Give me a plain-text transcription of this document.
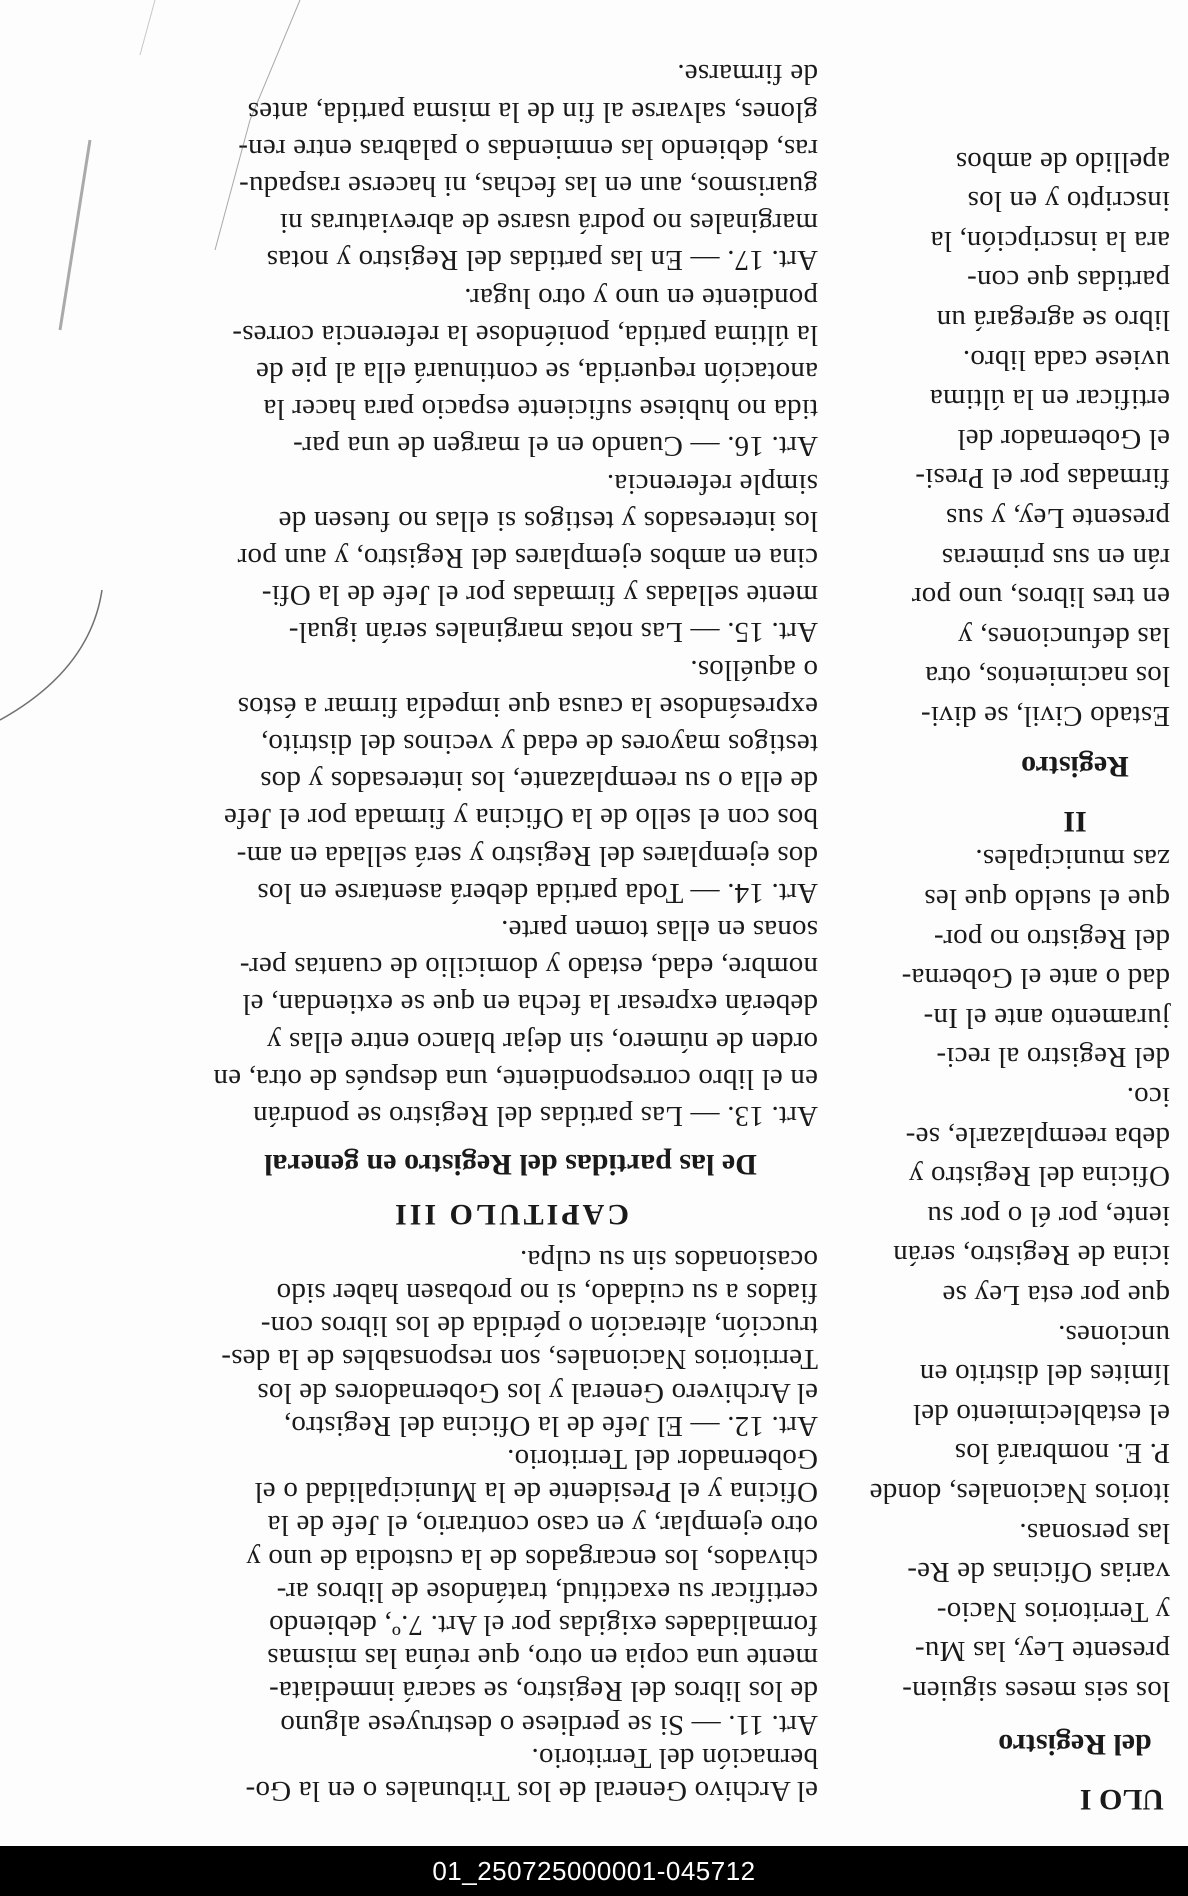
ULO I
del Registro
los seis meses siguien-
presente Ley, las Mu-
y Territorios Nacio-
varias Oficinas de Re-
las personas.
itorios Nacionales, donde
P. E. nombrará los
el establecimiento del
límites del distrito en
unciones.
que por esta Ley se
icina de Registro, serán
iente, por él o por su
Oficina del Registro y
deba reemplazarle, se-
ico.
del Registro al reci-
juramento ante el In-
dad o ante el Goberna-
del Registro no por-
que el sueldo que les
zas municipales.
II
Registro
Estado Civil, se divi-
los nacimientos, otra
las defunciones, y
en tres libros, uno por
rán en sus primeras
presente Ley, y sus
firmadas por el Presi-
el Gobernador del
ertificar en la última
uviese cada libro.
libro se agregará un
partidas que con-
ara la inscripción, la
inscripto y en los
apellido de ambos
el Archivo General de los Tribunales o en la Go-
bernación del Territorio.
Art. 11. — Si se perdiese o destruyese alguno
de los libros del Registro, se sacará inmediata-
mente una copia en otro, que reúna las mismas
formalidades exigidas por el Art. 7.º, debiendo
certificar su exactitud, tratándose de libros ar-
chivados, los encargados de la custodia de uno y
otro ejemplar, y en caso contrario, el Jefe de la
Oficina y el Presidente de la Municipalidad o el
Gobernador del Territorio.
Art. 12. — El Jefe de la Oficina del Registro,
el Archivero General y los Gobernadores de los
Territorios Nacionales, son responsables de la des-
trucción, alteración o pérdida de los libros con-
fiados a su cuidado, si no probasen haber sido
ocasionados sin su culpa.
CAPITULO III
De las partidas del Registro en general
Art. 13. — Las partidas del Registro se pondrán
en el libro correspondiente, una después de otra, en
orden de número, sin dejar blanco entre ellas y
deberán expresar la fecha en que se extiendan, el
nombre, edad, estado y domicilio de cuantas per-
sonas en ellas tomen parte.
Art. 14. — Toda partida deberá asentarse en los
dos ejemplares del Registro y será sellada en am-
bos con el sello de la Oficina y firmada por el Jefe
de ella o su reemplazante, los interesados y dos
testigos mayores de edad y vecinos del distrito,
expresándose la causa que impedía firmar a éstos
o aquéllos.
Art. 15. — Las notas marginales serán igual-
mente selladas y firmadas por el Jefe de la Ofi-
cina en ambos ejemplares del Registro, y aun por
los interesados y testigos si ellas no fuesen de
simple referencia.
Art. 16. — Cuando en el margen de una par-
tida no hubiese suficiente espacio para hacer la
anotación requerida, se continuará ella al pie de
la última partida, poniéndose la referencia corres-
pondiente en uno y otro lugar.
Art. 17. — En las partidas del Registro y notas
marginales no podrá usarse de abreviaturas ni
guarismos, aun en las fechas, ni hacerse raspadu-
ras, debiendo las enmiendas o palabras entre ren-
glones, salvarse al fin de la misma partida, antes
de firmarse.
01_250725000001-045712
